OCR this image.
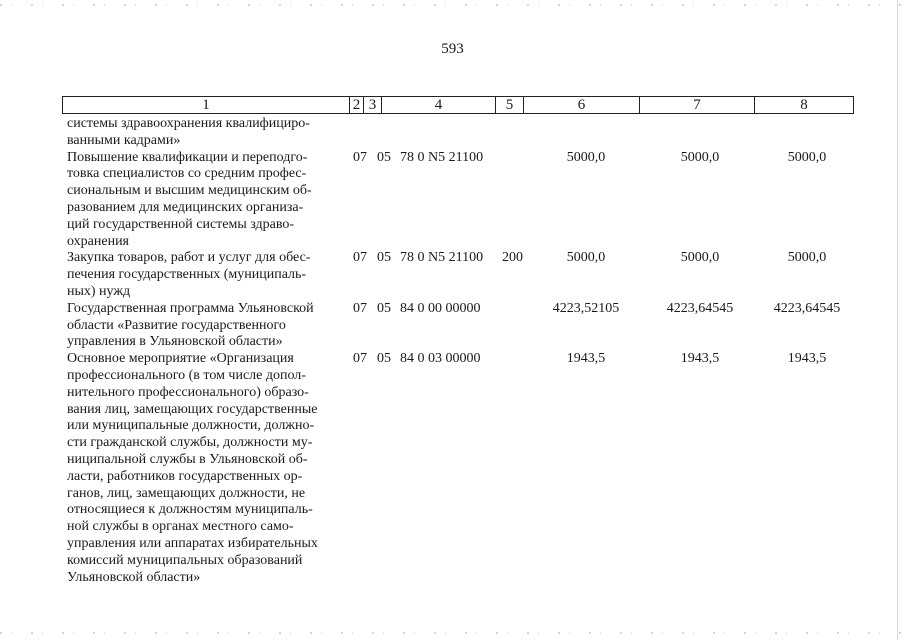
593
1	2 3	4	5	6	7	8
системы здравоохранения квалифициро-
ванными кадрами»
Повышение квалификации и переподго-
товка специалистов со средним профес-
сиональным и высшим медицинским об-
разованием для медицинских организа-
ций государственной системы здраво-
охранения
07 05 78 0 N5 21100	5000,0	5000,0	5000,0
Закупка товаров, работ и услуг для обес-
печения государственных (муниципаль-
ных) нужд
07 05 78 0 N5 21100 200	5000,0	5000,0	5000,0
Государственная программа Ульяновской
области «Развитие государственного
управления в Ульяновской области»
07 05 84 0 00 00000	4223,52105	4223,64545	4223,64545
Основное мероприятие «Организация
профессионального (в том числе допол-
нительного профессионального) образо-
вания лиц, замещающих государственные
или муниципальные должности, должно-
сти гражданской службы, должности му-
ниципальной службы в Ульяновской об-
ласти, работников государственных ор-
ганов, лиц, замещающих должности, не
относящиеся к должностям муниципаль-
ной службы в органах местного само-
управления или аппаратах избирательных
комиссий муниципальных образований
Ульяновской области»
07 05 84 0 03 00000	1943,5	1943,5	1943,5
